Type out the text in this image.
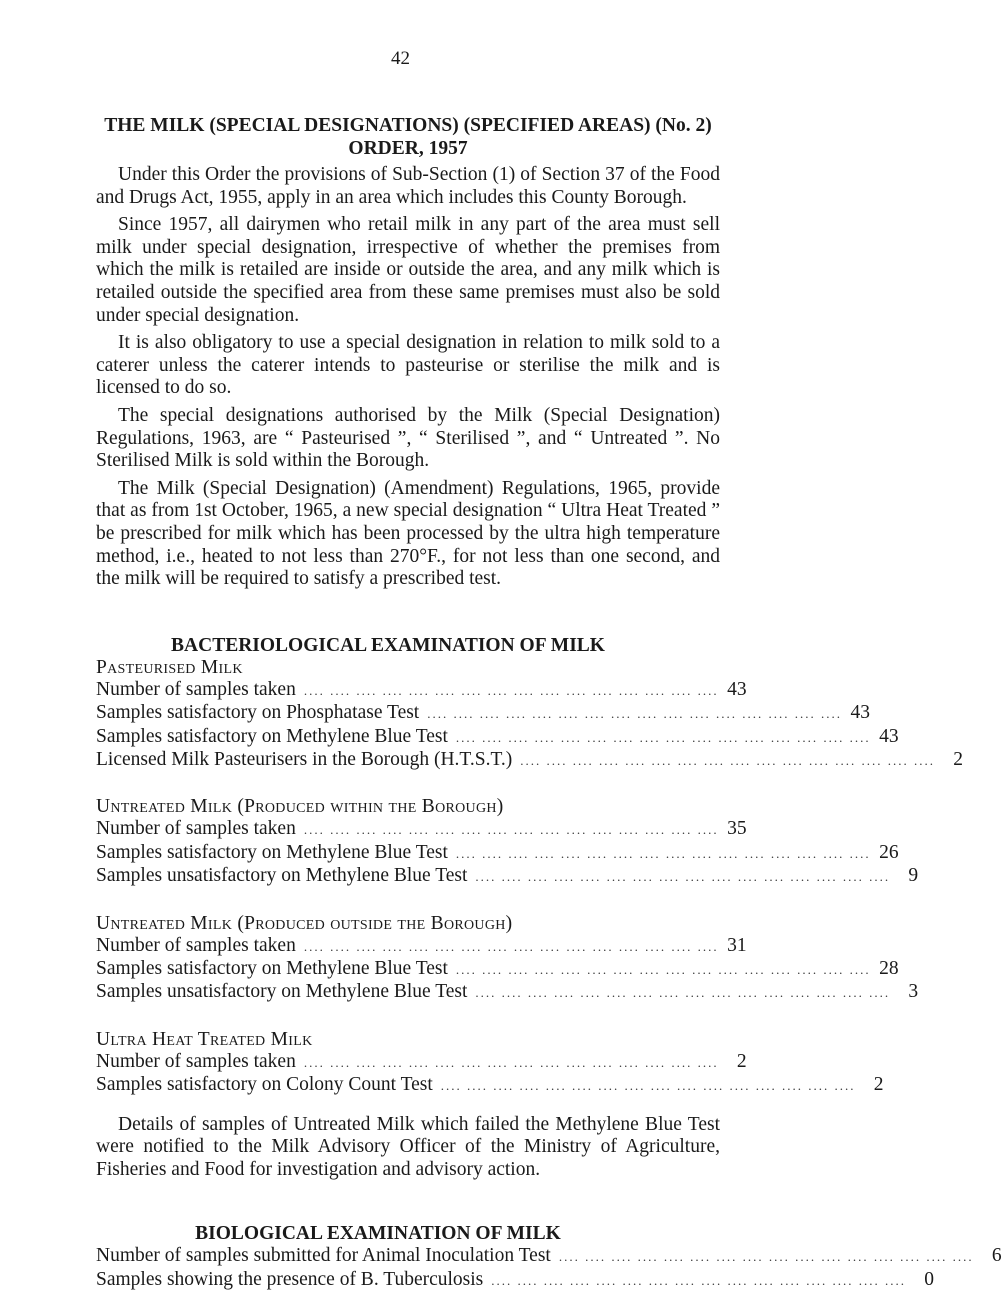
42
THE MILK (SPECIAL DESIGNATIONS) (SPECIFIED AREAS) (No. 2)
ORDER, 1957

Under this Order the provisions of Sub-Section (1) of Section 37 of the Food and Drugs Act, 1955, apply in an area which includes this County Borough.

Since 1957, all dairymen who retail milk in any part of the area must sell milk under special designation, irrespective of whether the premises from which the milk is retailed are inside or outside the area, and any milk which is retailed outside the specified area from these same premises must also be sold under special designation.

It is also obligatory to use a special designation in relation to milk sold to a caterer unless the caterer intends to pasteurise or sterilise the milk and is licensed to do so.

The special designations authorised by the Milk (Special Designation) Regulations, 1963, are “ Pasteurised ”, “ Sterilised ”, and “ Untreated ”. No Sterilised Milk is sold within the Borough.

The Milk (Special Designation) (Amendment) Regulations, 1965, provide that as from 1st October, 1965, a new special designation “ Ultra Heat Treated ” be prescribed for milk which has been processed by the ultra high temperature method, i.e., heated to not less than 270°F., for not less than one second, and the milk will be required to satisfy a prescribed test.

BACTERIOLOGICAL EXAMINATION OF MILK
Pasteurised Milk
Number of samples taken .... .... .... .... .... .... .... .... .... .... .... .... .... .... .... .... 43
Samples satisfactory on Phosphatase Test .... .... .... .... .... .... .... .... .... .... .... .... .... .... .... .... 43
Samples satisfactory on Methylene Blue Test .... .... .... .... .... .... .... .... .... .... .... .... .... .... .... .... 43
Licensed Milk Pasteurisers in the Borough (H.T.S.T.) .... .... .... .... .... .... .... .... .... .... .... .... .... .... .... .... 2
Untreated Milk (Produced within the Borough)
Number of samples taken .... .... .... .... .... .... .... .... .... .... .... .... .... .... .... .... 35
Samples satisfactory on Methylene Blue Test .... .... .... .... .... .... .... .... .... .... .... .... .... .... .... .... 26
Samples unsatisfactory on Methylene Blue Test .... .... .... .... .... .... .... .... .... .... .... .... .... .... .... .... 9
Untreated Milk (Produced outside the Borough)
Number of samples taken .... .... .... .... .... .... .... .... .... .... .... .... .... .... .... .... 31
Samples satisfactory on Methylene Blue Test .... .... .... .... .... .... .... .... .... .... .... .... .... .... .... .... 28
Samples unsatisfactory on Methylene Blue Test .... .... .... .... .... .... .... .... .... .... .... .... .... .... .... .... 3
Ultra Heat Treated Milk
Number of samples taken .... .... .... .... .... .... .... .... .... .... .... .... .... .... .... .... 2
Samples satisfactory on Colony Count Test .... .... .... .... .... .... .... .... .... .... .... .... .... .... .... .... 2

Details of samples of Untreated Milk which failed the Methylene Blue Test were notified to the Milk Advisory Officer of the Ministry of Agriculture, Fisheries and Food for investigation and advisory action.

BIOLOGICAL EXAMINATION OF MILK
Number of samples submitted for Animal Inoculation Test .... .... .... .... .... .... .... .... .... .... .... .... .... .... .... .... 6
Samples showing the presence of B. Tuberculosis .... .... .... .... .... .... .... .... .... .... .... .... .... .... .... .... 0
